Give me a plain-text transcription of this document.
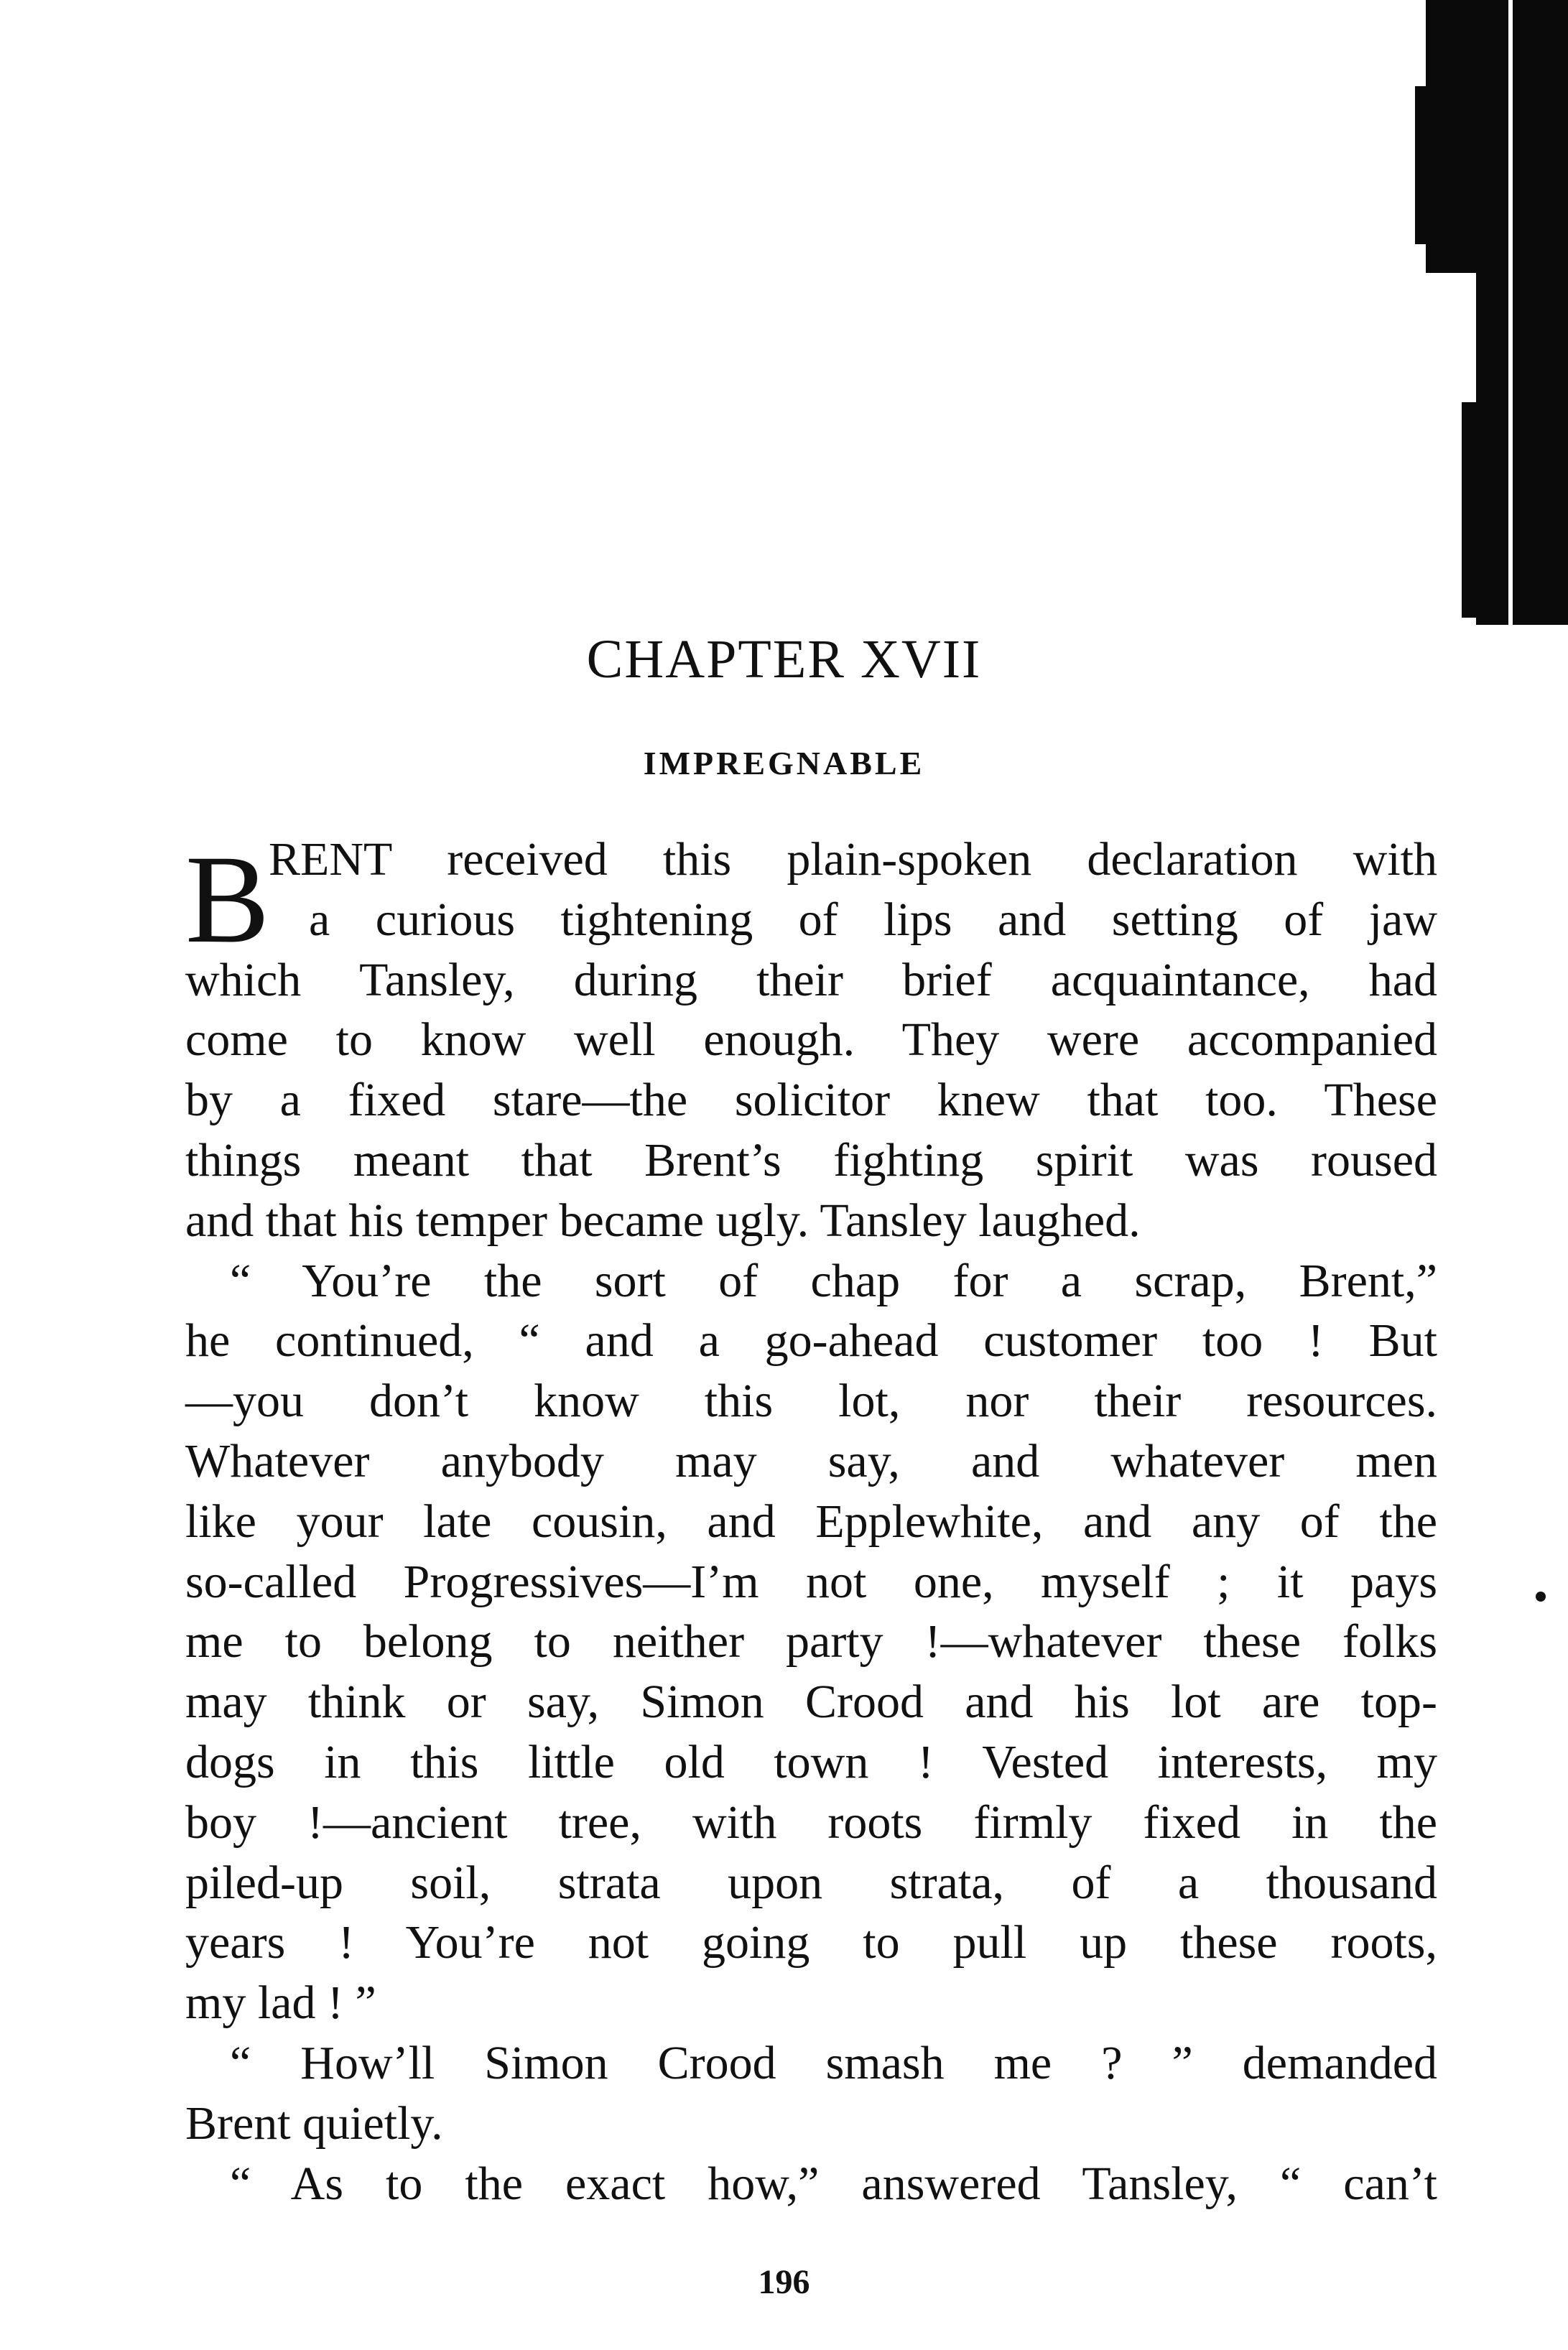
CHAPTER XVII
IMPREGNABLE
B
RENT received this plain-spoken declaration with
a curious tightening of lips and setting of jaw
which Tansley, during their brief acquaintance, had
come to know well enough. They were accompanied
by a fixed stare—the solicitor knew that too. These
things meant that Brent’s fighting spirit was roused
and that his temper became ugly. Tansley laughed.
“ You’re the sort of chap for a scrap, Brent,”
he continued, “ and a go-ahead customer too ! But
—you don’t know this lot, nor their resources.
Whatever anybody may say, and whatever men
like your late cousin, and Epplewhite, and any of the
so-called Progressives—I’m not one, myself ; it pays
me to belong to neither party !—whatever these folks
may think or say, Simon Crood and his lot are top-
dogs in this little old town ! Vested interests, my
boy !—ancient tree, with roots firmly fixed in the
piled-up soil, strata upon strata, of a thousand
years ! You’re not going to pull up these roots,
my lad ! ”
“ How’ll Simon Crood smash me ? ” demanded
Brent quietly.
“ As to the exact how,” answered Tansley, “ can’t
196
